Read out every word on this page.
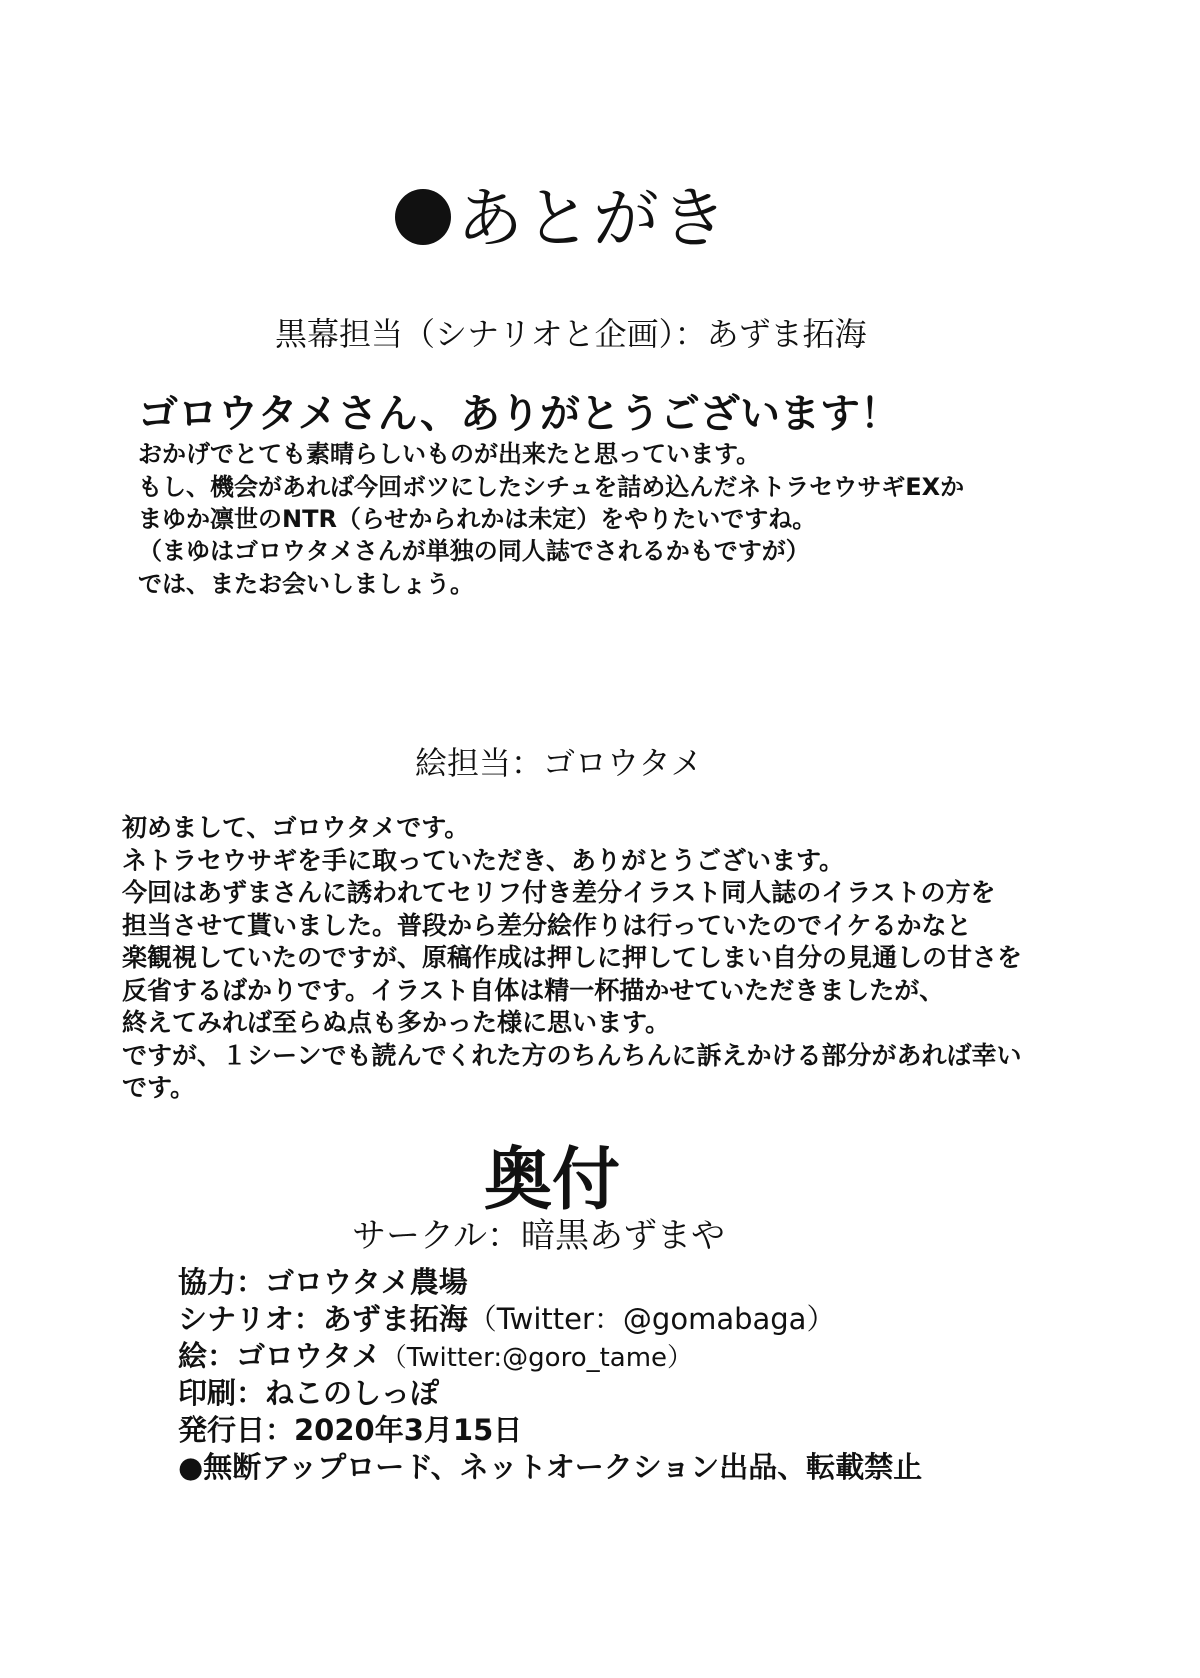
あとがき
黒幕担当（シナリオと企画）：あずま拓海
ゴロウタメさん、ありがとうございます！
おかげでとても素晴らしいものが出来たと思っています。
もし、機会があれば今回ボツにしたシチュを詰め込んだネトラセウサギEXか
まゆか凛世のNTR（らせかられかは未定）をやりたいですね。
（まゆはゴロウタメさんが単独の同人誌でされるかもですが）
では、またお会いしましょう。
絵担当：ゴロウタメ
初めまして、ゴロウタメです。
ネトラセウサギを手に取っていただき、ありがとうございます。
今回はあずまさんに誘われてセリフ付き差分イラスト同人誌のイラストの方を
担当させて貰いました。普段から差分絵作りは行っていたのでイケるかなと
楽観視していたのですが、原稿作成は押しに押してしまい自分の見通しの甘さを
反省するばかりです。イラスト自体は精一杯描かせていただきましたが、
終えてみれば至らぬ点も多かった様に思います。
ですが、１シーンでも読んでくれた方のちんちんに訴えかける部分があれば幸い
です。
奥付
サークル：暗黒あずまや
協力：ゴロウタメ農場
シナリオ：あずま拓海（Twitter：@gomabaga）
絵：ゴロウタメ（Twitter:@goro_tame）
印刷：ねこのしっぽ
発行日：2020年3月15日
●無断アップロード、ネットオークション出品、転載禁止
